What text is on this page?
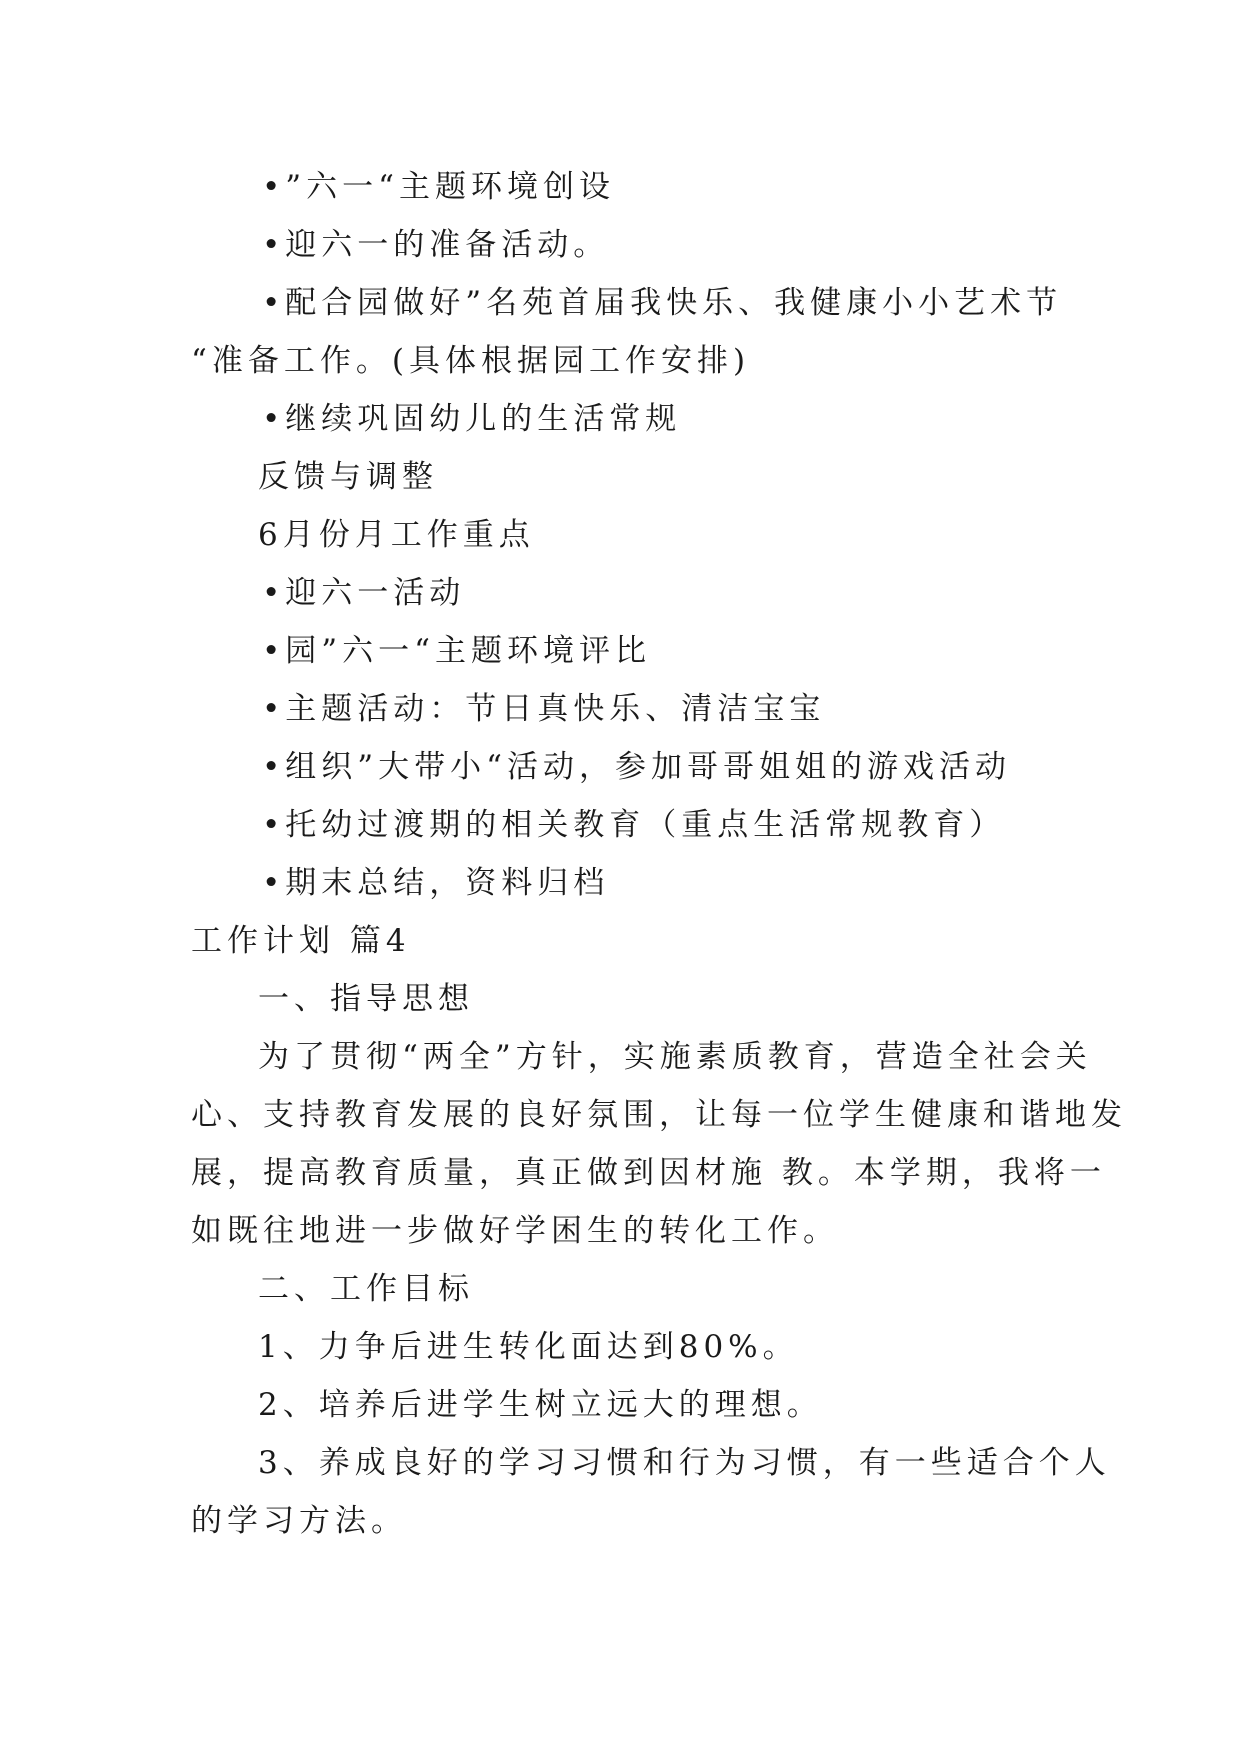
•”六一“主题环境创设
•迎六一的准备活动。
•配合园做好”名苑首届我快乐、我健康小小艺术节
“准备工作。(具体根据园工作安排)
•继续巩固幼儿的生活常规
反馈与调整
6月份月工作重点
•迎六一活动
•园”六一“主题环境评比
•主题活动：节日真快乐、清洁宝宝
•组织”大带小“活动，参加哥哥姐姐的游戏活动
•托幼过渡期的相关教育（重点生活常规教育）
•期末总结，资料归档
工作计划 篇4
一、指导思想
为了贯彻“两全”方针，实施素质教育，营造全社会关
心、支持教育发展的良好氛围，让每一位学生健康和谐地发
展，提高教育质量，真正做到因材施 教。本学期，我将一
如既往地进一步做好学困生的转化工作。
二、工作目标
1、力争后进生转化面达到80%。
2、培养后进学生树立远大的理想。
3、养成良好的学习习惯和行为习惯，有一些适合个人
的学习方法。
